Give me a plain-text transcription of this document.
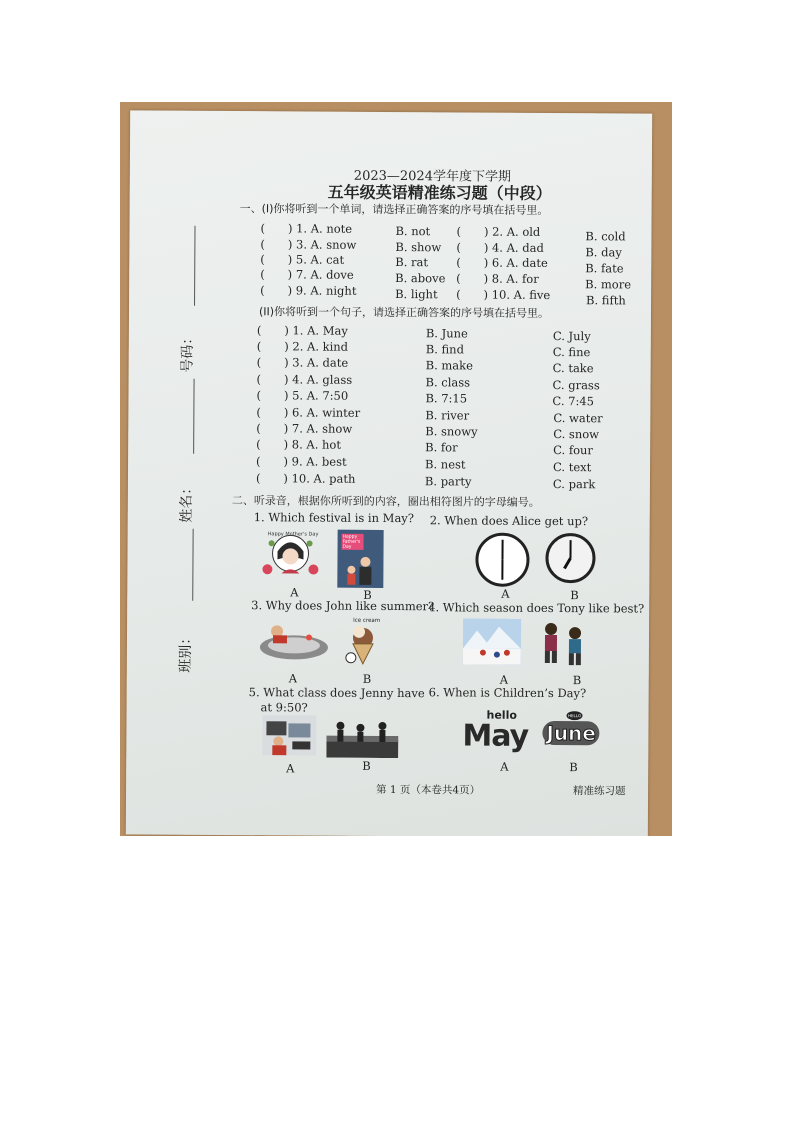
2023—2024学年度下学期
五年级英语精准练习题（中段）
号码：
姓名：
班别：
一、(I)你将听到一个单词，请选择正确答案的序号填在括号里。
(　　) 1. A. note	B. not (　　) 2. A. old	B. cold
(　　) 3. A. snow	B. show (　　) 4. A. dad	B. day
(　　) 5. A. cat	B. rat (　　) 6. A. date	B. fate
(　　) 7. A. dove	B. above (　　) 8. A. for	B. more
(　　) 9. A. night	B. light (　　) 10. A. five	B. fifth
(II)你将听到一个句子，请选择正确答案的序号填在括号里。
(　　) 1. A. May	B. June	C. July
(　　) 2. A. kind	B. find	C. fine
(　　) 3. A. date	B. make	C. take
(　　) 4. A. glass	B. class	C. grass
(　　) 5. A. 7:50	B. 7:15	C. 7:45
(　　) 6. A. winter	B. river	C. water
(　　) 7. A. show	B. snowy	C. snow
(　　) 8. A. hot	B. for	C. four
(　　) 9. A. best	B. nest	C. text
(　　) 10. A. path	B. party	C. park
二、听录音，根据你所听到的内容，圈出相符图片的字母编号。
1. Which festival is in May? 2. When does Alice get up?
Happy Mother's Day	Happy Father's Day
A	B	A	B
3. Why does John like summer?
4. Which season does Tony like best?
Ice cream
A	B	A	B
5. What class does Jenny have
at 9:50?
6. When is Children’s Day?
A	B
hello
May
HELLO
June
A	B
第 1 页（本卷共4页）	精准练习题
